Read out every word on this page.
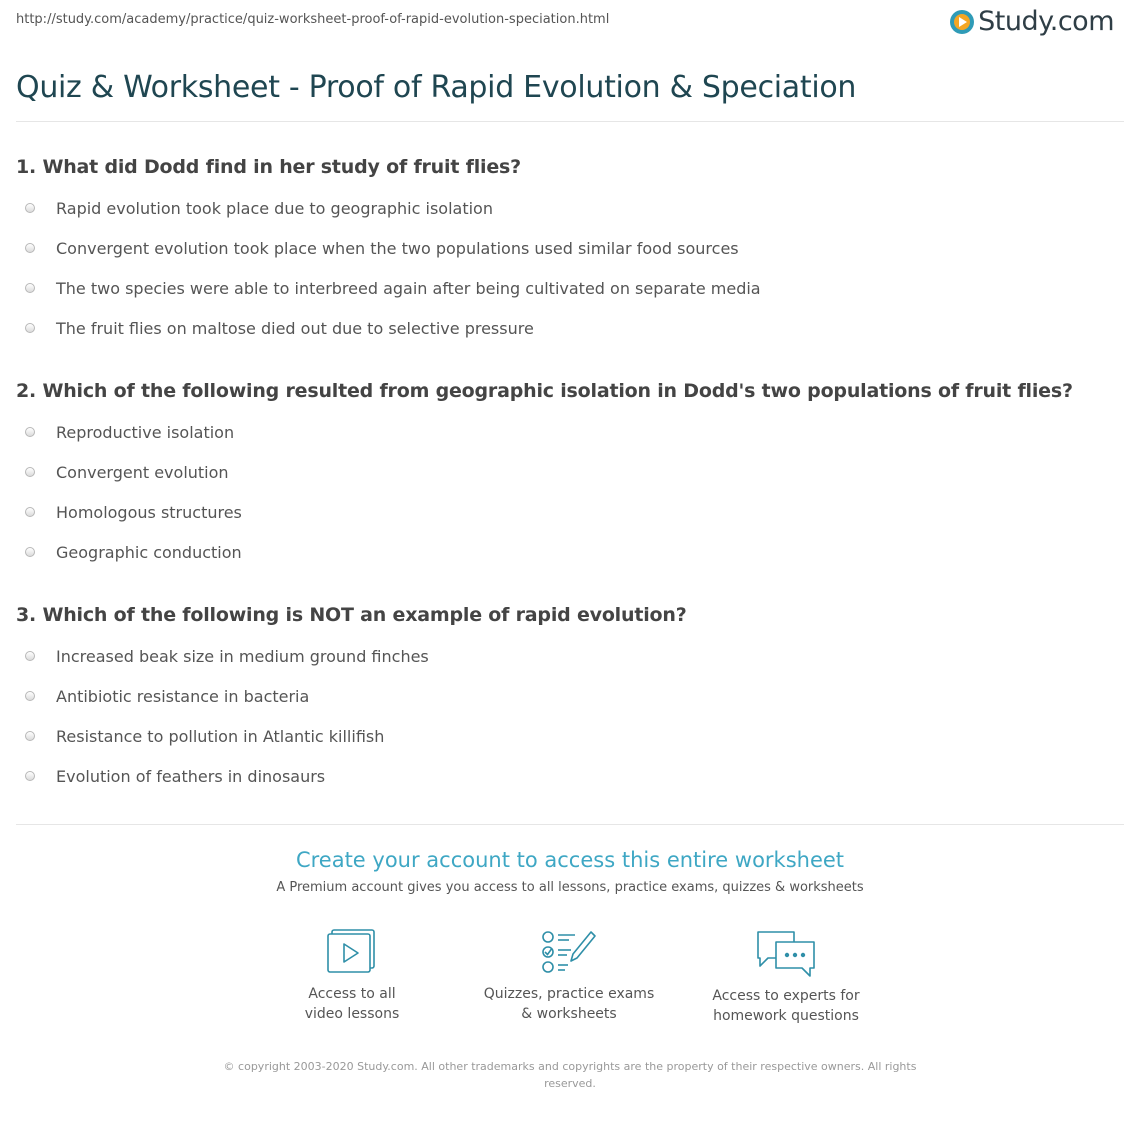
http://study.com/academy/practice/quiz-worksheet-proof-of-rapid-evolution-speciation.html	Study.com
Quiz & Worksheet - Proof of Rapid Evolution & Speciation
1. What did Dodd find in her study of fruit flies?
Rapid evolution took place due to geographic isolation
Convergent evolution took place when the two populations used similar food sources
The two species were able to interbreed again after being cultivated on separate media
The fruit flies on maltose died out due to selective pressure
2. Which of the following resulted from geographic isolation in Dodd's two populations of fruit flies?
Reproductive isolation
Convergent evolution
Homologous structures
Geographic conduction
3. Which of the following is NOT an example of rapid evolution?
Increased beak size in medium ground finches
Antibiotic resistance in bacteria
Resistance to pollution in Atlantic killifish
Evolution of feathers in dinosaurs
Create your account to access this entire worksheet
A Premium account gives you access to all lessons, practice exams, quizzes & worksheets
Access to all
video lessons
Quizzes, practice exams
& worksheets
Access to experts for
homework questions
© copyright 2003-2020 Study.com. All other trademarks and copyrights are the property of their respective owners. All rights reserved.
